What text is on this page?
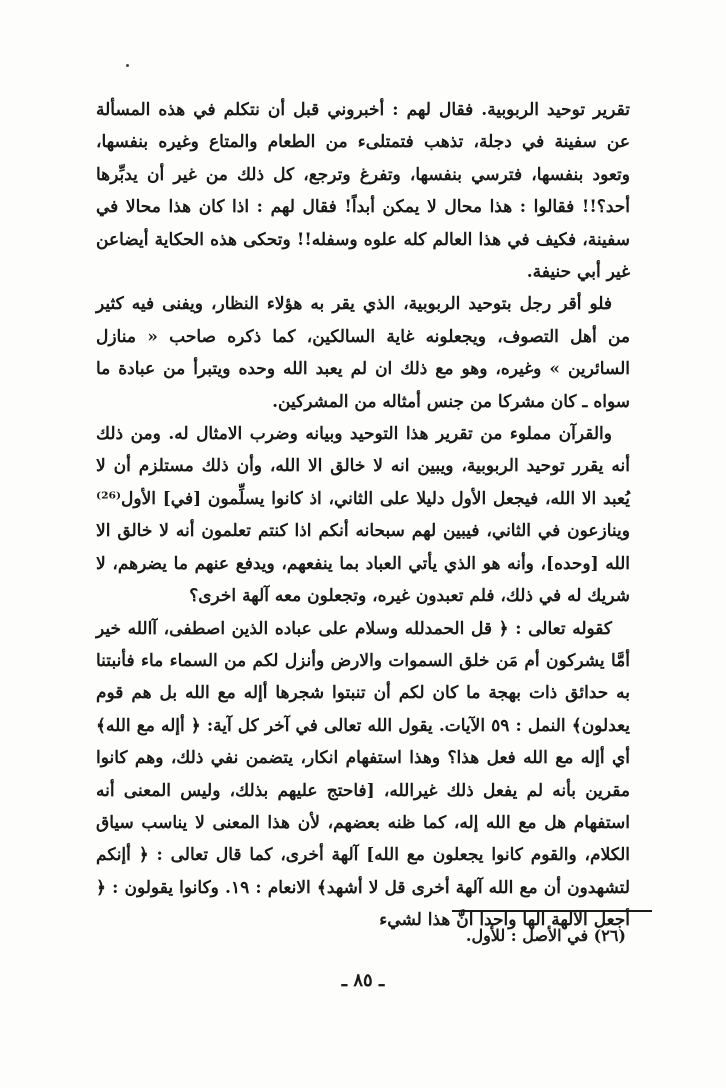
تقرير توحيد الربوبية. فقال لهم : أخبروني قبل أن نتكلم في هذه المسألة عن سفينة في دجلة، تذهب فتمتلىء من الطعام والمتاع وغيره بنفسها، وتعود بنفسها، فترسي بنفسها، وتفرغ وترجع، كل ذلك من غير أن يدبِّرها أحد؟!! فقالوا : هذا محال لا يمكن أبداً! فقال لهم : اذا كان هذا محالا في سفينة، فكيف في هذا العالم كله علوه وسفله!! وتحكى هذه الحكاية أيضاعن غير أبي حنيفة.

فلو أقر رجل بتوحيد الربوبية، الذي يقر به هؤلاء النظار، ويفنى فيه كثير من أهل التصوف، ويجعلونه غاية السالكين، كما ذكره صاحب « منازل السائرين » وغيره، وهو مع ذلك ان لم يعبد الله وحده ويتبرأ من عبادة ما سواه ـ كان مشركا من جنس أمثاله من المشركين.

والقرآن مملوء من تقرير هذا التوحيد وبيانه وضرب الامثال له. ومن ذلك أنه يقرر توحيد الربوبية، ويبين انه لا خالق الا الله، وأن ذلك مستلزم أن لا يُعبد الا الله، فيجعل الأول دليلا على الثاني، اذ كانوا يسلِّمون [في] الأول⁽²⁶⁾ وينازعون في الثاني، فيبين لهم سبحانه أنكم اذا كنتم تعلمون أنه لا خالق الا الله [وحده]، وأنه هو الذي يأتي العباد بما ينفعهم، ويدفع عنهم ما يضرهم، لا شريك له في ذلك، فلم تعبدون غيره، وتجعلون معه آلهة اخرى؟

كقوله تعالى : ﴿ قل الحمدلله وسلام على عباده الذين اصطفى، آالله خير أمَّا يشركون أم مَن خلق السموات والارض وأنزل لكم من السماء ماء فأنبتنا به حدائق ذات بهجة ما كان لكم أن تنبتوا شجرها أإله مع الله بل هم قوم يعدلون﴾ النمل : ٥٩ الآيات. يقول الله تعالى في آخر كل آية: ﴿ أإله مع الله﴾ أي أإله مع الله فعل هذا؟ وهذا استفهام انكار، يتضمن نفي ذلك، وهم كانوا مقرين بأنه لم يفعل ذلك غيرالله، [فاحتج عليهم بذلك، وليس المعنى أنه استفهام هل مع الله إله، كما ظنه بعضهم، لأن هذا المعنى لا يناسب سياق الكلام، والقوم كانوا يجعلون مع الله] آلهة أخرى، كما قال تعالى : ﴿ أإنكم لتشهدون أن مع الله آلهة أخرى قل لا أشهد﴾ الانعام : ١٩. وكانوا يقولون : ﴿ أجعل الآلهة الها واحدا انَّ هذا لشيء

(٢٦) في الأصل : للأول.
ـ ٨٥ ـ
